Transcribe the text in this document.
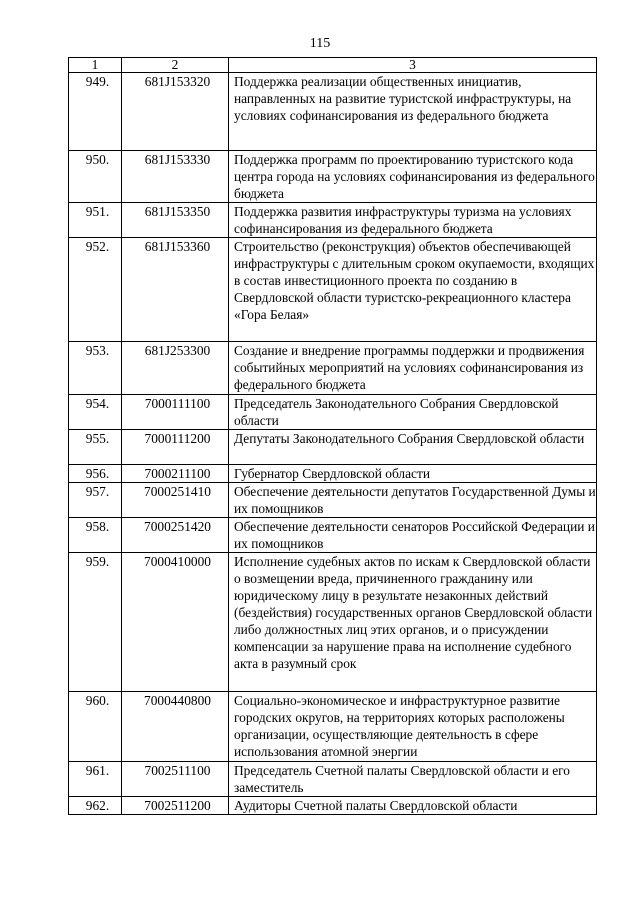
115
1	2	3
949.	681J153320	Поддержка реализации общественных инициатив, направленных на развитие туристской инфраструктуры, на условиях софинансирования из федерального бюджета
950.	681J153330	Поддержка программ по проектированию туристского кода центра города на условиях софинансирования из федерального бюджета
951.	681J153350	Поддержка развития инфраструктуры туризма на условиях софинансирования из федерального бюджета
952.	681J153360	Строительство (реконструкция) объектов обеспечивающей инфраструктуры с длительным сроком окупаемости, входящих в состав инвестиционного проекта по созданию в Свердловской области туристско-рекреационного кластера «Гора Белая»
953.	681J253300	Создание и внедрение программы поддержки и продвижения событийных мероприятий на условиях софинансирования из федерального бюджета
954.	7000111100	Председатель Законодательного Собрания Свердловской области
955.	7000111200	Депутаты Законодательного Собрания Свердловской области
956.	7000211100	Губернатор Свердловской области
957.	7000251410	Обеспечение деятельности депутатов Государственной Думы и их помощников
958.	7000251420	Обеспечение деятельности сенаторов Российской Федерации и их помощников
959.	7000410000	Исполнение судебных актов по искам к Свердловской области о возмещении вреда, причиненного гражданину или юридическому лицу в результате незаконных действий (бездействия) государственных органов Свердловской области либо должностных лиц этих органов, и о присуждении компенсации за нарушение права на исполнение судебного акта в разумный срок
960.	7000440800	Социально-экономическое и инфраструктурное развитие городских округов, на территориях которых расположены организации, осуществляющие деятельность в сфере использования атомной энергии
961.	7002511100	Председатель Счетной палаты Свердловской области и его заместитель
962.	7002511200	Аудиторы Счетной палаты Свердловской области
